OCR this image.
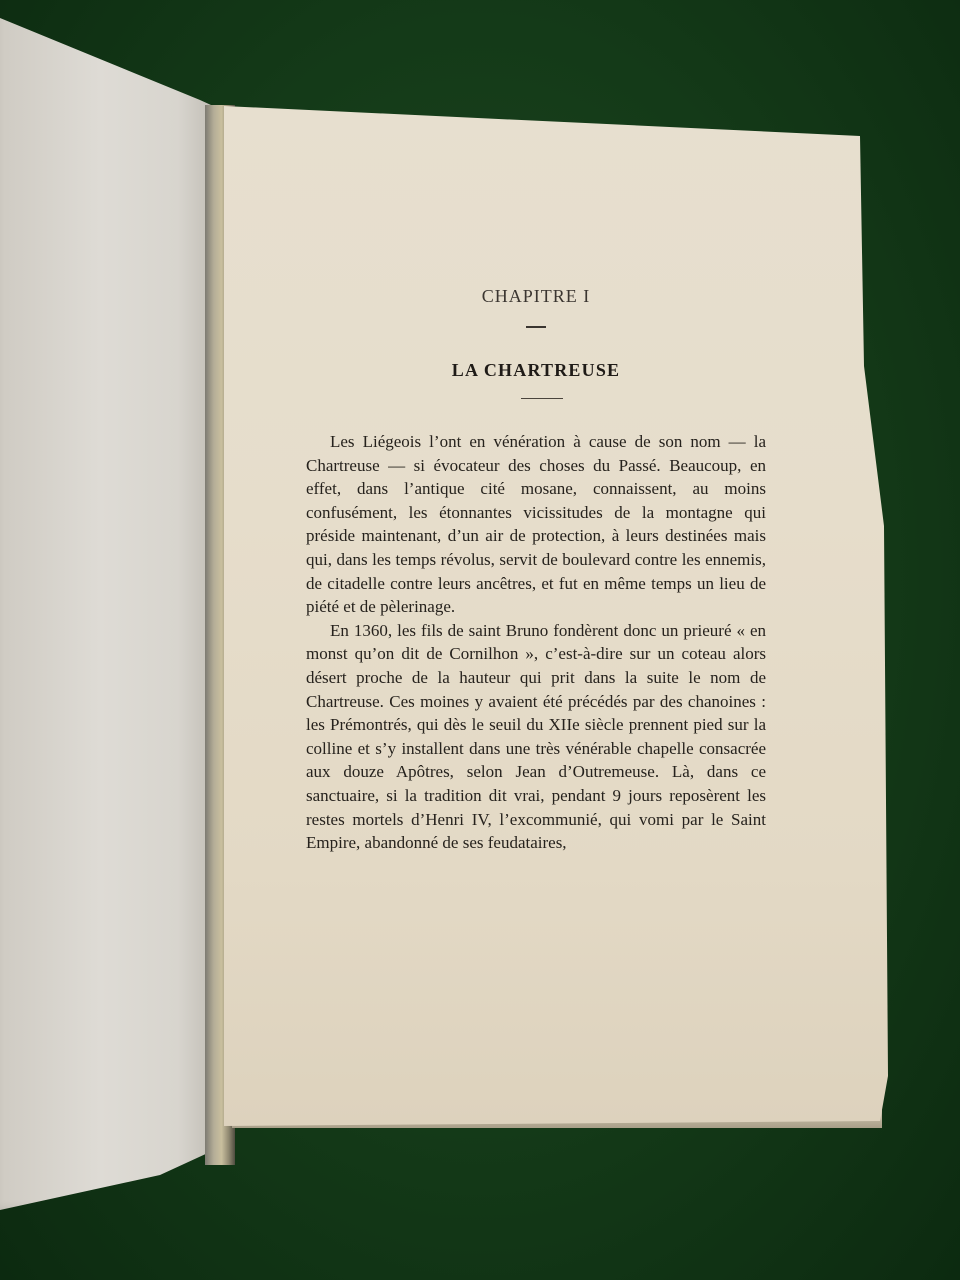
CHAPITRE I
LA CHARTREUSE

Les Liégeois l’ont en vénération à cause de son nom — la Chartreuse — si évocateur des choses du Passé. Beaucoup, en effet, dans l’antique cité mosane, connaissent, au moins confusément, les étonnantes vicissitudes de la montagne qui préside maintenant, d’un air de protection, à leurs destinées mais qui, dans les temps révolus, servit de boulevard contre les ennemis, de citadelle contre leurs ancêtres, et fut en même temps un lieu de piété et de pèlerinage.

En 1360, les fils de saint Bruno fondèrent donc un prieuré « en monst qu’on dit de Cornilhon », c’est-à-dire sur un coteau alors désert proche de la hauteur qui prit dans la suite le nom de Chartreuse. Ces moines y avaient été précédés par des chanoines : les Prémontrés, qui dès le seuil du XIIe siècle prennent pied sur la colline et s’y installent dans une très vénérable chapelle consacrée aux douze Apôtres, selon Jean d’Outremeuse. Là, dans ce sanctuaire, si la tradition dit vrai, pendant 9 jours reposèrent les restes mortels d’Henri IV, l’excommunié, qui vomi par le Saint Empire, abandonné de ses feudataires,
